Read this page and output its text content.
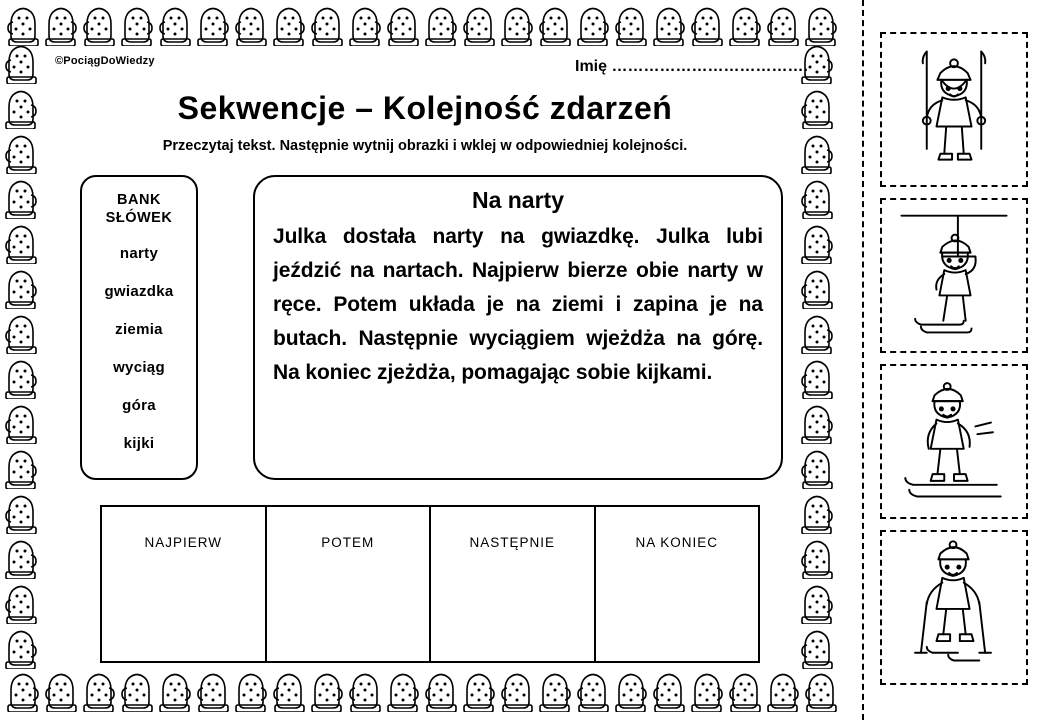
©PociągDoWiedzy	Imię ……………………………….
Sekwencje – Kolejność zdarzeń
Przeczytaj tekst. Następnie wytnij obrazki i wklej w odpowiedniej kolejności.
BANK
SŁÓWEK
narty
gwiazdka
ziemia
wyciąg
góra
kijki
Na narty
Julka dostała narty na gwiazdkę. Julka lubi jeździć na nartach. Najpierw bierze obie narty w ręce. Potem układa je na ziemi i zapina je na butach. Następnie wyciągiem wjeżdża na górę. Na koniec zjeżdża, pomagając sobie kijkami.
NAJPIERW	POTEM	NASTĘPNIE	NA KONIEC
